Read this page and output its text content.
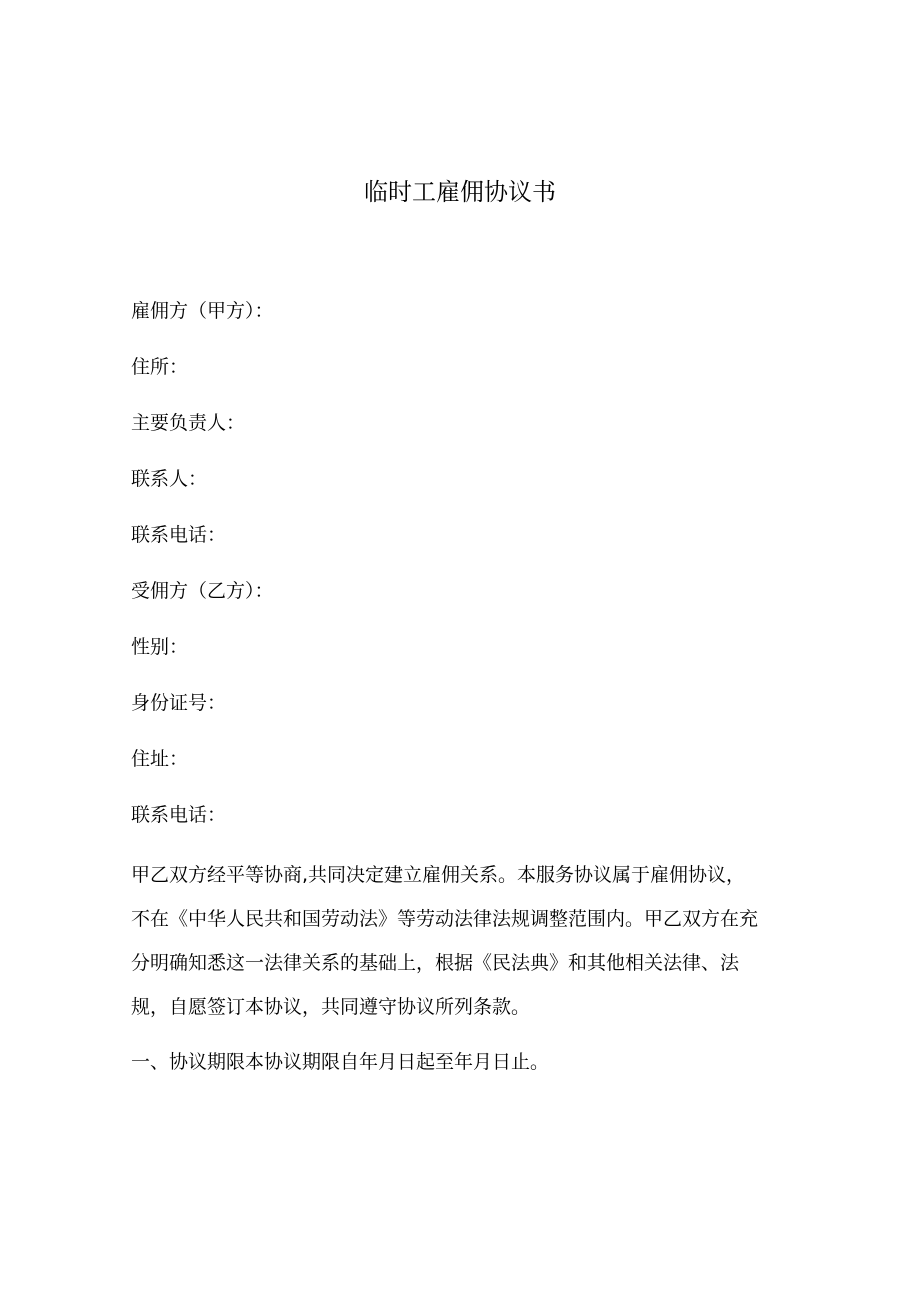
临时工雇佣协议书
雇佣方（甲方）：
住所：
主要负责人：
联系人：
联系电话：
受佣方（乙方）：
性别：
身份证号：
住址：
联系电话：

甲乙双方经平等协商,共同决定建立雇佣关系。本服务协议属于雇佣协议，
不在《中华人民共和国劳动法》等劳动法律法规调整范围内。甲乙双方在充
分明确知悉这一法律关系的基础上，根据《民法典》和其他相关法律、法
规，自愿签订本协议，共同遵守协议所列条款。

一、协议期限本协议期限自年月日起至年月日止。
